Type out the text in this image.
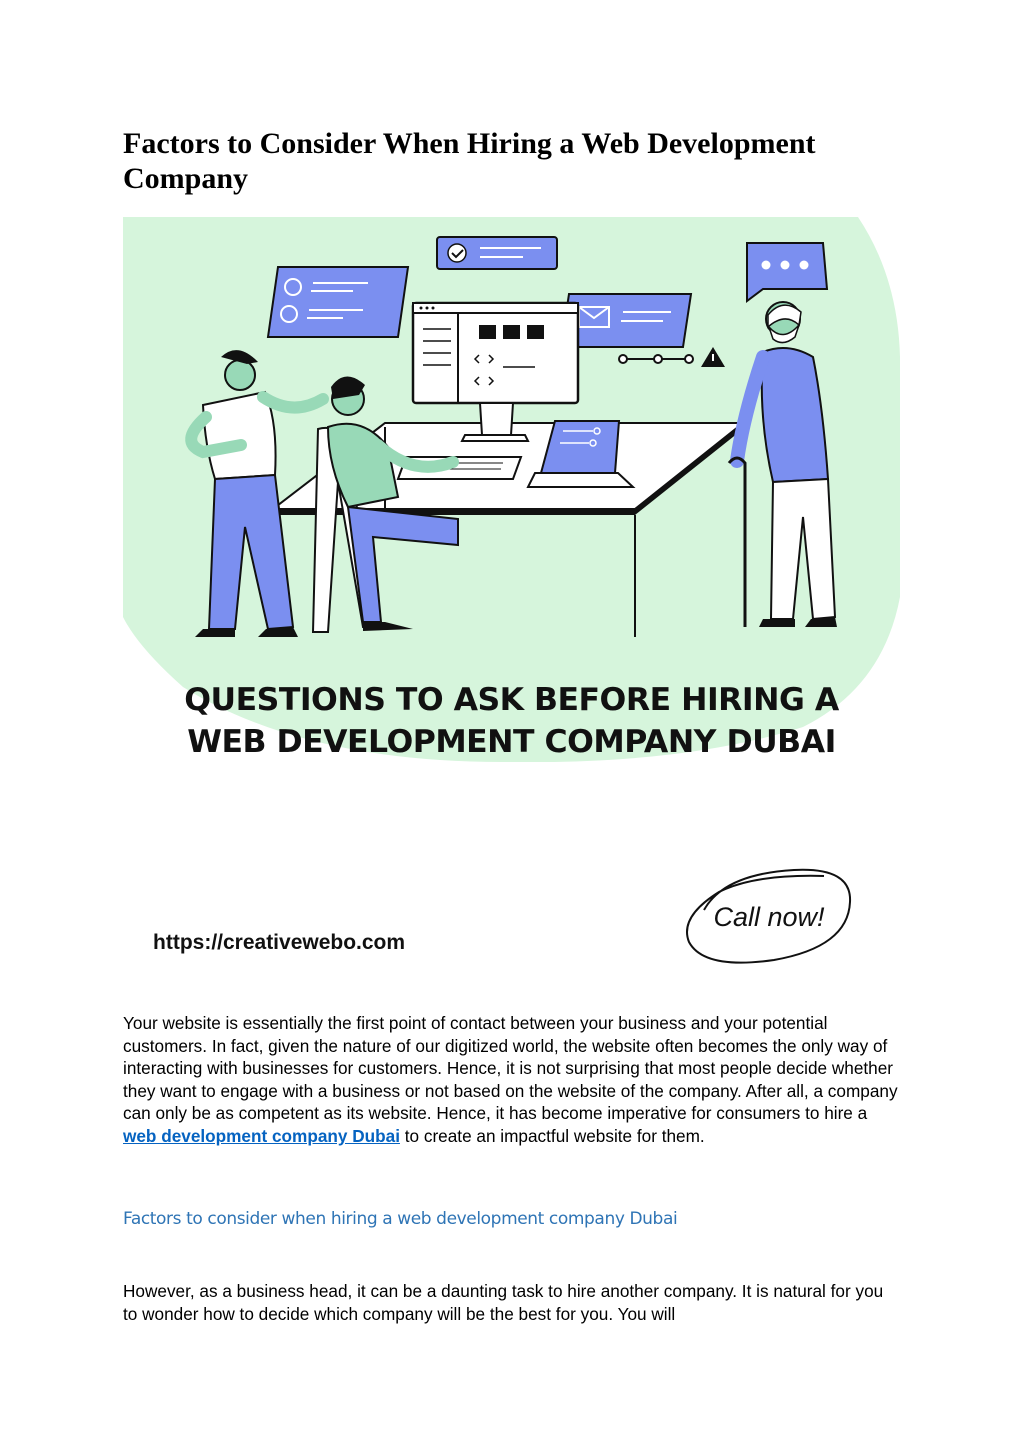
Factors to Consider When Hiring a Web Development Company
QUESTIONS TO ASK BEFORE HIRING A
WEB DEVELOPMENT COMPANY DUBAI
https://creativewebo.com
Call now!

Your website is essentially the first point of contact between your business and your potential customers. In fact, given the nature of our digitized world, the website often becomes the only way of interacting with businesses for customers. Hence, it is not surprising that most people decide whether they want to engage with a business or not based on the website of the company. After all, a company can only be as competent as its website. Hence, it has become imperative for consumers to hire a web development company Dubai to create an impactful website for them.

Factors to consider when hiring a web development company Dubai

However, as a business head, it can be a daunting task to hire another company. It is natural for you to wonder how to decide which company will be the best for you. You will
